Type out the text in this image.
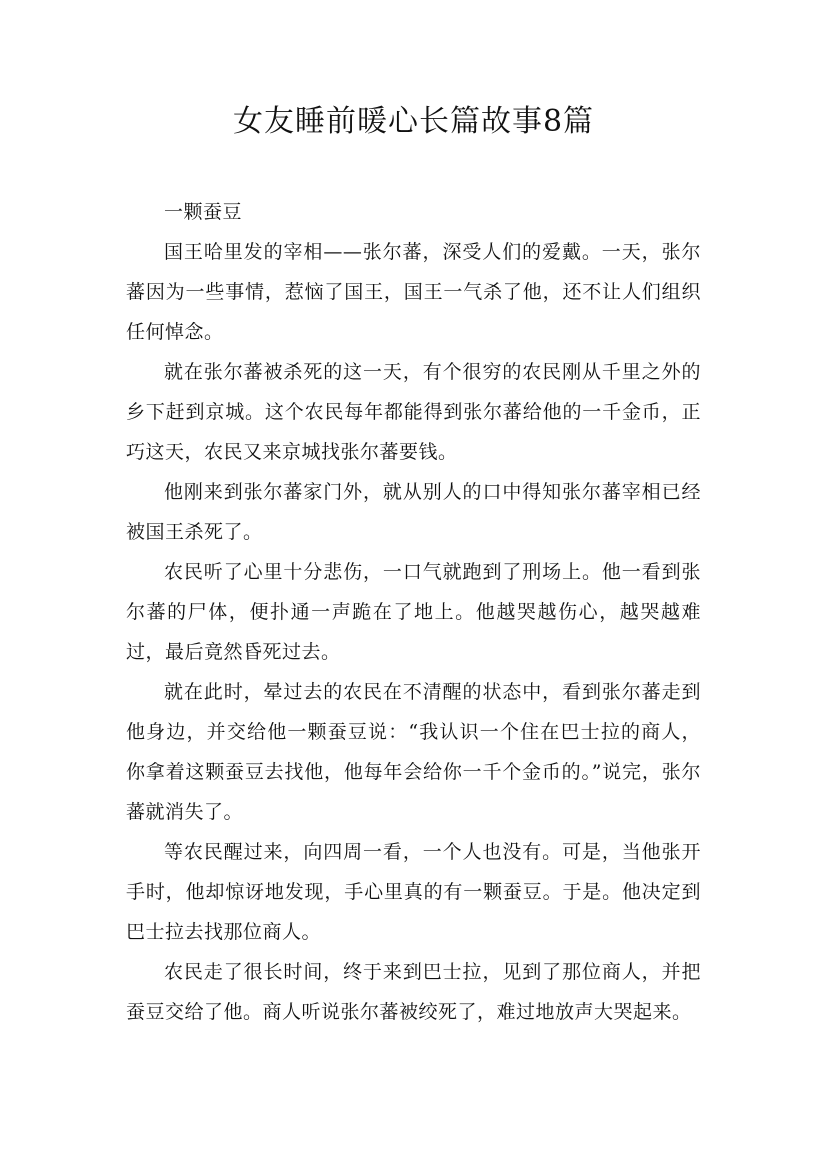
女友睡前暖心长篇故事8篇

一颗蚕豆

国王哈里发的宰相——张尔蕃，深受人们的爱戴。一天，张尔蕃因为一些事情，惹恼了国王，国王一气杀了他，还不让人们组织任何悼念。

就在张尔蕃被杀死的这一天，有个很穷的农民刚从千里之外的乡下赶到京城。这个农民每年都能得到张尔蕃给他的一千金币，正巧这天，农民又来京城找张尔蕃要钱。

他刚来到张尔蕃家门外，就从别人的口中得知张尔蕃宰相已经被国王杀死了。

农民听了心里十分悲伤，一口气就跑到了刑场上。他一看到张尔蕃的尸体，便扑通一声跪在了地上。他越哭越伤心，越哭越难过，最后竟然昏死过去。

就在此时，晕过去的农民在不清醒的状态中，看到张尔蕃走到他身边，并交给他一颗蚕豆说：“我认识一个住在巴士拉的商人，你拿着这颗蚕豆去找他，他每年会给你一千个金币的。”说完，张尔蕃就消失了。

等农民醒过来，向四周一看，一个人也没有。可是，当他张开手时，他却惊讶地发现，手心里真的有一颗蚕豆。于是。他决定到巴士拉去找那位商人。

农民走了很长时间，终于来到巴士拉，见到了那位商人，并把蚕豆交给了他。商人听说张尔蕃被绞死了，难过地放声大哭起来。
